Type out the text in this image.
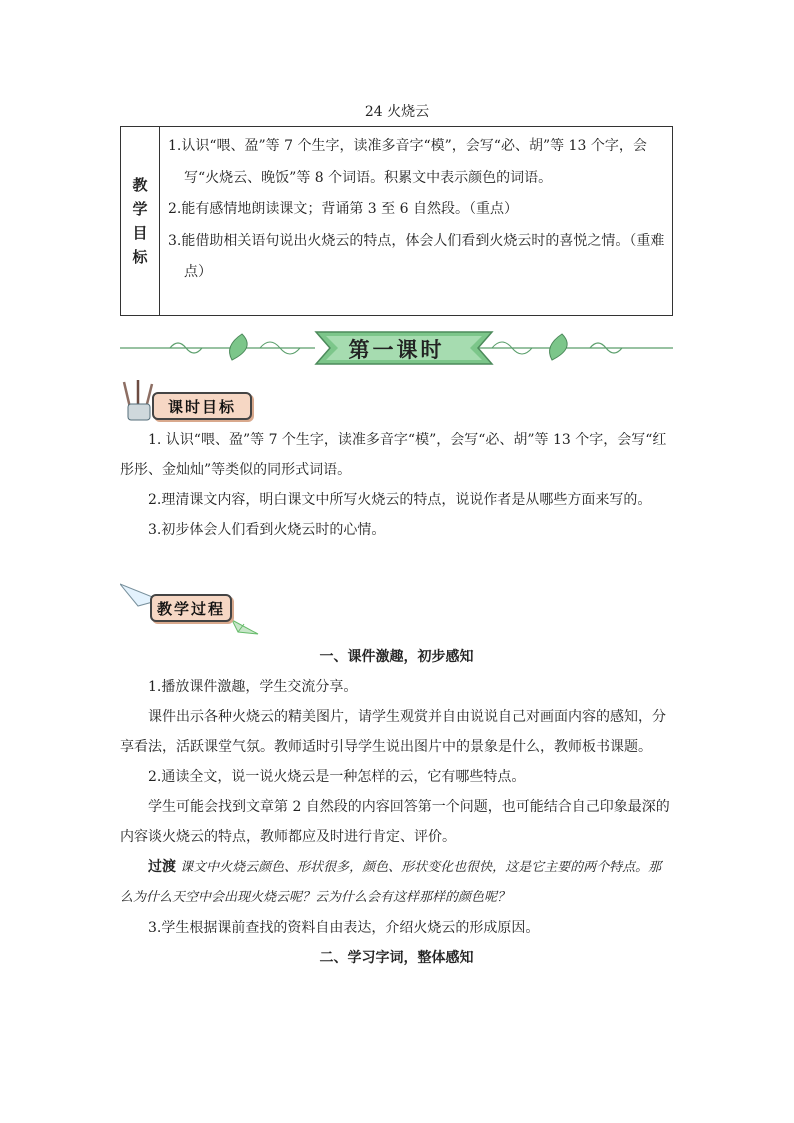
24 火烧云
教
学
目
标

1.认识“喂、盈”等 7 个生字，读准多音字“模”，会写“必、胡”等 13 个字，会写“火烧云、晚饭”等 8 个词语。积累文中表示颜色的词语。

2.能有感情地朗读课文；背诵第 3 至 6 自然段。（重点）

3.能借助相关语句说出火烧云的特点，体会人们看到火烧云时的喜悦之情。（重难点）

第一课时
课时目标

1. 认识“喂、盈”等 7 个生字，读准多音字“模”，会写“必、胡”等 13 个字，会写“红彤彤、金灿灿”等类似的同形式词语。

2.理清课文内容，明白课文中所写火烧云的特点，说说作者是从哪些方面来写的。

3.初步体会人们看到火烧云时的心情。

教学过程

一、课件激趣，初步感知

1.播放课件激趣，学生交流分享。

课件出示各种火烧云的精美图片，请学生观赏并自由说说自己对画面内容的感知，分享看法，活跃课堂气氛。教师适时引导学生说出图片中的景象是什么，教师板书课题。

2.通读全文，说一说火烧云是一种怎样的云，它有哪些特点。

学生可能会找到文章第 2 自然段的内容回答第一个问题，也可能结合自己印象最深的内容谈火烧云的特点，教师都应及时进行肯定、评价。

过渡 课文中火烧云颜色、形状很多，颜色、形状变化也很快，这是它主要的两个特点。那么为什么天空中会出现火烧云呢？云为什么会有这样那样的颜色呢？

3.学生根据课前查找的资料自由表达，介绍火烧云的形成原因。

二、学习字词，整体感知
